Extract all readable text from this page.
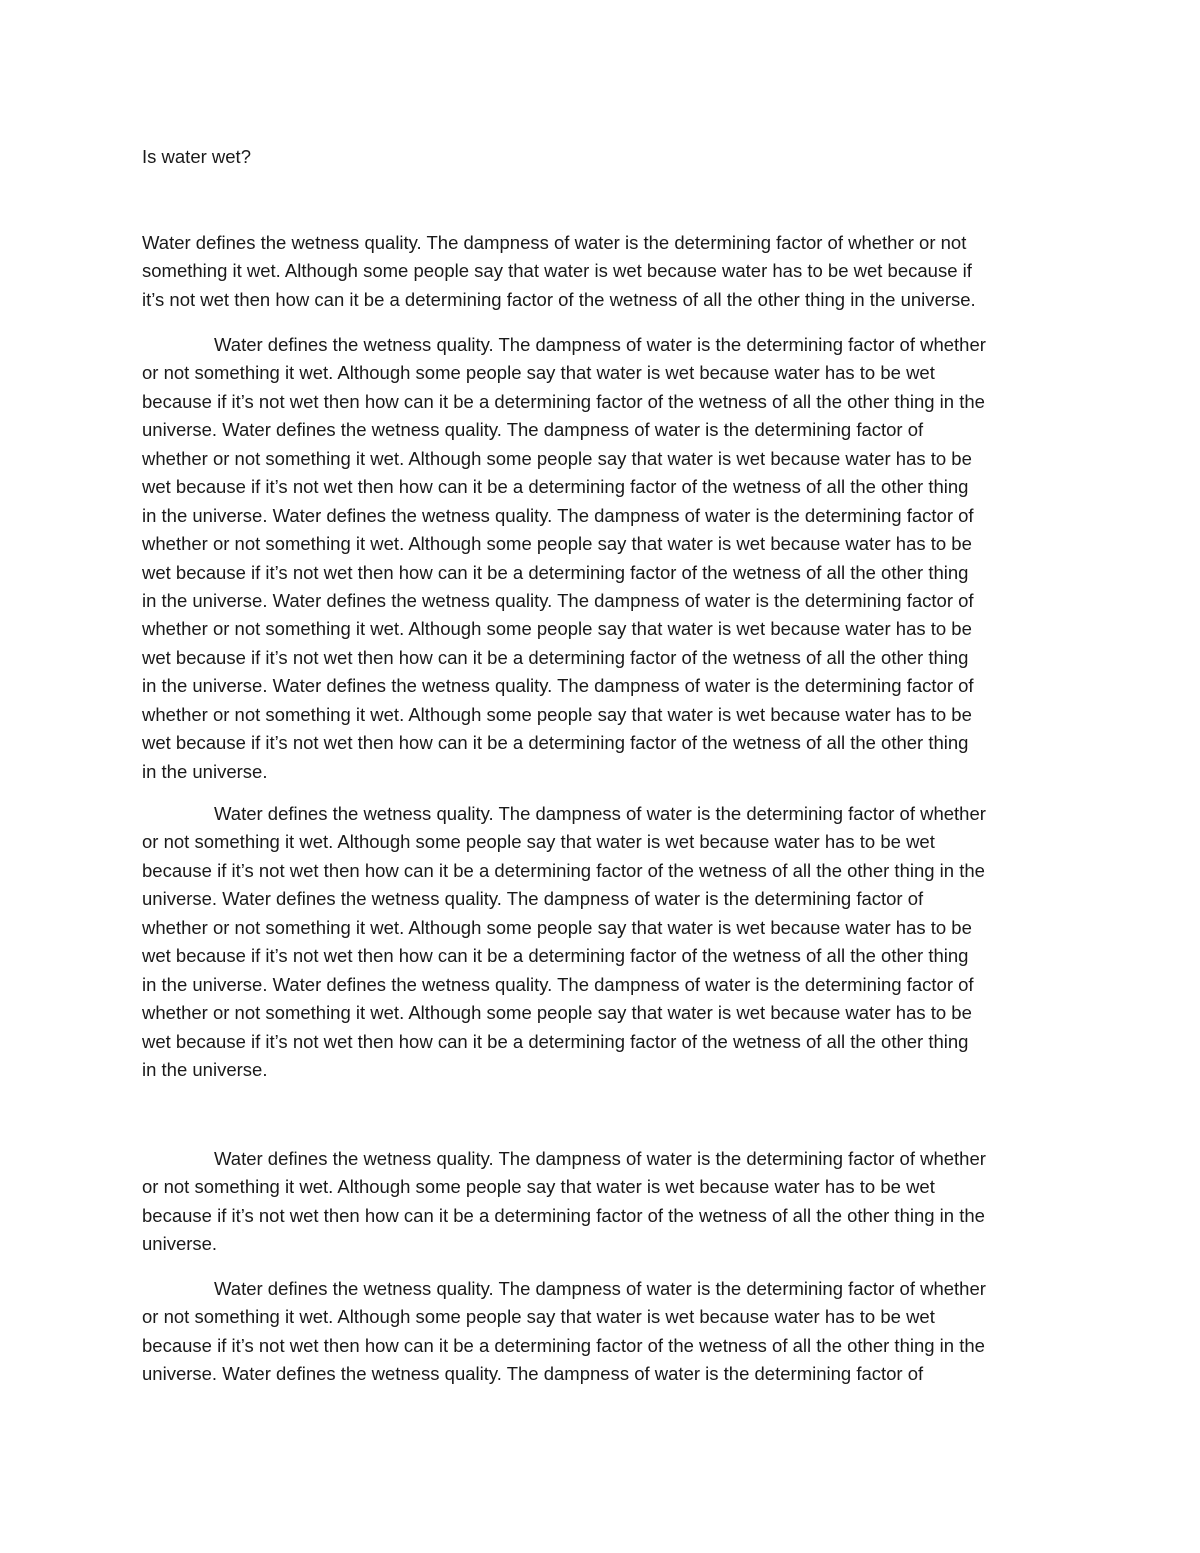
Is water wet?

Water defines the wetness quality. The dampness of water is the determining factor of whether or not
something it wet. Although some people say that water is wet because water has to be wet because if
it’s not wet then how can it be a determining factor of the wetness of all the other thing in the universe.
Water defines the wetness quality. The dampness of water is the determining factor of whether
or not something it wet. Although some people say that water is wet because water has to be wet
because if it’s not wet then how can it be a determining factor of the wetness of all the other thing in the
universe. Water defines the wetness quality. The dampness of water is the determining factor of
whether or not something it wet. Although some people say that water is wet because water has to be
wet because if it’s not wet then how can it be a determining factor of the wetness of all the other thing
in the universe. Water defines the wetness quality. The dampness of water is the determining factor of
whether or not something it wet. Although some people say that water is wet because water has to be
wet because if it’s not wet then how can it be a determining factor of the wetness of all the other thing
in the universe. Water defines the wetness quality. The dampness of water is the determining factor of
whether or not something it wet. Although some people say that water is wet because water has to be
wet because if it’s not wet then how can it be a determining factor of the wetness of all the other thing
in the universe. Water defines the wetness quality. The dampness of water is the determining factor of
whether or not something it wet. Although some people say that water is wet because water has to be
wet because if it’s not wet then how can it be a determining factor of the wetness of all the other thing
in the universe.
Water defines the wetness quality. The dampness of water is the determining factor of whether
or not something it wet. Although some people say that water is wet because water has to be wet
because if it’s not wet then how can it be a determining factor of the wetness of all the other thing in the
universe. Water defines the wetness quality. The dampness of water is the determining factor of
whether or not something it wet. Although some people say that water is wet because water has to be
wet because if it’s not wet then how can it be a determining factor of the wetness of all the other thing
in the universe. Water defines the wetness quality. The dampness of water is the determining factor of
whether or not something it wet. Although some people say that water is wet because water has to be
wet because if it’s not wet then how can it be a determining factor of the wetness of all the other thing
in the universe.
Water defines the wetness quality. The dampness of water is the determining factor of whether
or not something it wet. Although some people say that water is wet because water has to be wet
because if it’s not wet then how can it be a determining factor of the wetness of all the other thing in the
universe.
Water defines the wetness quality. The dampness of water is the determining factor of whether
or not something it wet. Although some people say that water is wet because water has to be wet
because if it’s not wet then how can it be a determining factor of the wetness of all the other thing in the
universe. Water defines the wetness quality. The dampness of water is the determining factor of
